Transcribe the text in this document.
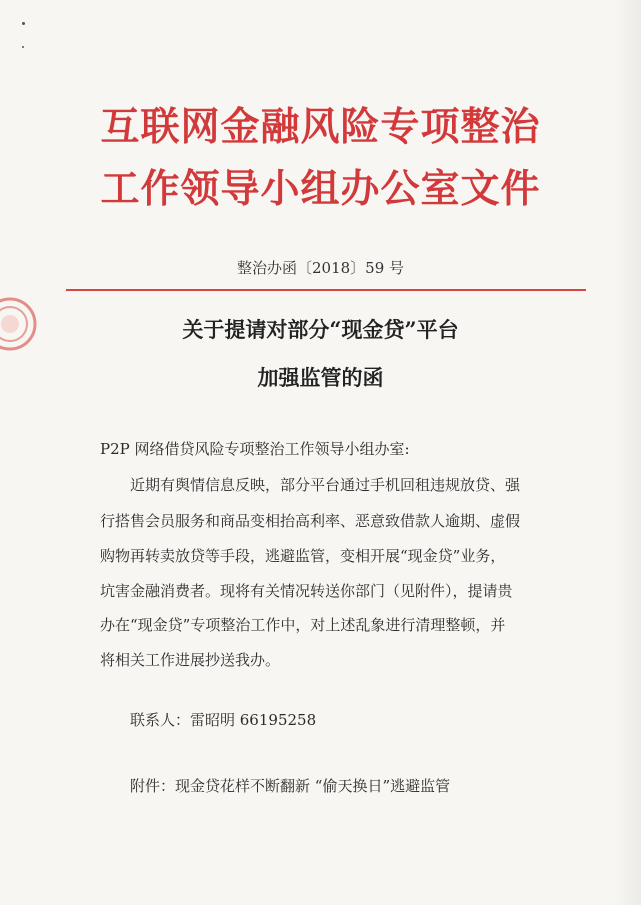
互联网金融风险专项整治
工作领导小组办公室文件
整治办函〔2018〕59 号
关于提请对部分“现金贷”平台
加强监管的函
P2P 网络借贷风险专项整治工作领导小组办室:
近期有舆情信息反映，部分平台通过手机回租违规放贷、强
行搭售会员服务和商品变相抬高利率、恶意致借款人逾期、虚假
购物再转卖放贷等手段，逃避监管，变相开展“现金贷”业务，
坑害金融消费者。现将有关情况转送你部门（见附件），提请贵
办在“现金贷”专项整治工作中，对上述乱象进行清理整顿，并
将相关工作进展抄送我办。
联系人：雷昭明 66195258
附件：现金贷花样不断翻新 “偷天换日”逃避监管
